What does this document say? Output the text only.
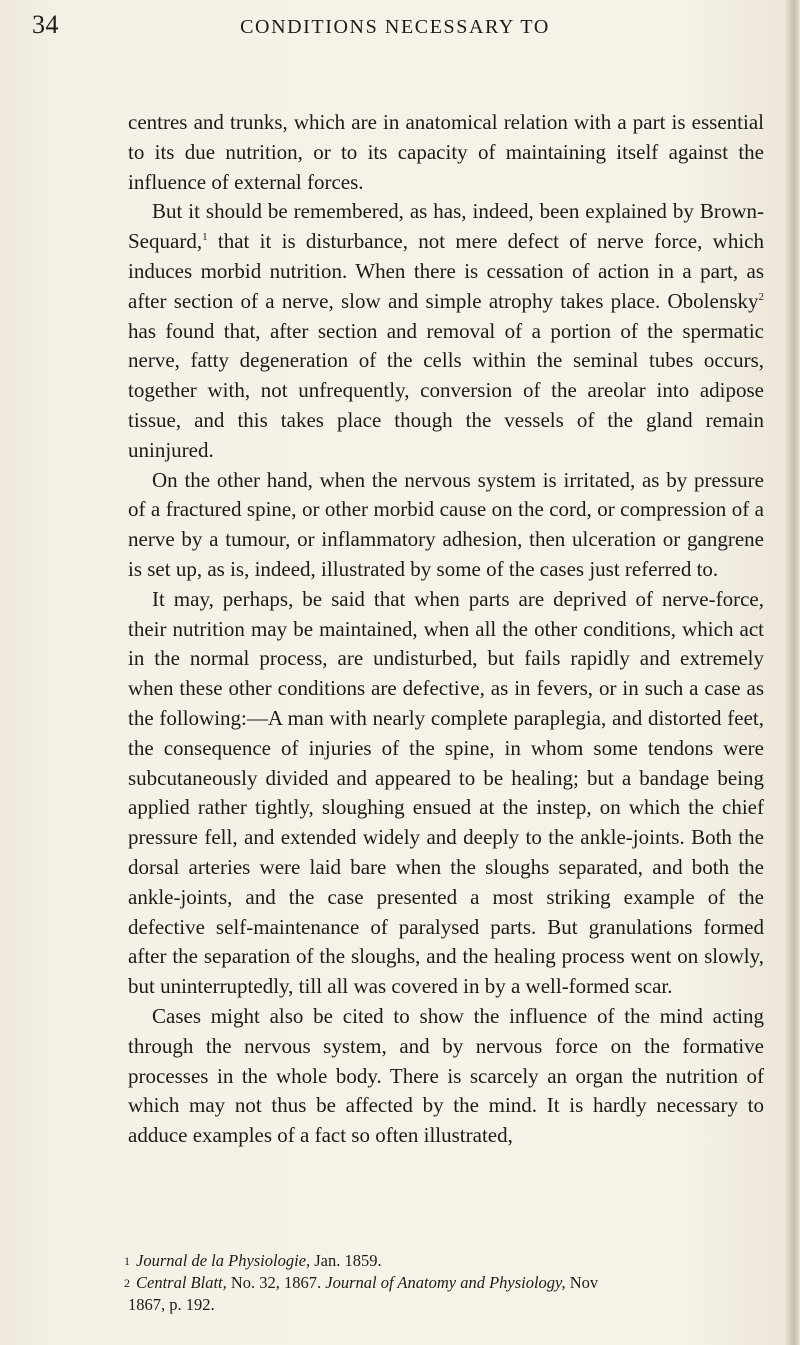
34	CONDITIONS NECESSARY TO

centres and trunks, which are in anatomical relation with a part is essential to its due nutrition, or to its capacity of maintaining itself against the influence of external forces.

But it should be remembered, as has, indeed, been explained by Brown-Sequard,$^1$ that it is disturbance, not mere defect of nerve force, which induces morbid nutrition. When there is cessation of action in a part, as after section of a nerve, slow and simple atrophy takes place. Obolensky$^2$ has found that, after section and removal of a portion of the spermatic nerve, fatty degeneration of the cells within the seminal tubes occurs, together with, not unfrequently, conversion of the areolar into adipose tissue, and this takes place though the vessels of the gland remain uninjured.

On the other hand, when the nervous system is irritated, as by pressure of a fractured spine, or other morbid cause on the cord, or compression of a nerve by a tumour, or inflammatory adhesion, then ulceration or gangrene is set up, as is, indeed, illustrated by some of the cases just referred to.

It may, perhaps, be said that when parts are deprived of nerve-force, their nutrition may be maintained, when all the other conditions, which act in the normal process, are undisturbed, but fails rapidly and extremely when these other conditions are defective, as in fevers, or in such a case as the following:—A man with nearly complete paraplegia, and distorted feet, the consequence of injuries of the spine, in whom some tendons were subcutaneously divided and appeared to be healing; but a bandage being applied rather tightly, sloughing ensued at the instep, on which the chief pressure fell, and extended widely and deeply to the ankle-joints. Both the dorsal arteries were laid bare when the sloughs separated, and both the ankle-joints, and the case presented a most striking example of the defective self-maintenance of paralysed parts. But granulations formed after the separation of the sloughs, and the healing process went on slowly, but uninterruptedly, till all was covered in by a well-formed scar.

Cases might also be cited to show the influence of the mind acting through the nervous system, and by nervous force on the formative processes in the whole body. There is scarcely an organ the nutrition of which may not thus be affected by the mind. It is hardly necessary to adduce examples of a fact so often illustrated,

1 Journal de la Physiologie, Jan. 1859.

2 Central Blatt, No. 32, 1867. Journal of Anatomy and Physiology, Nov

1867, p. 192.
